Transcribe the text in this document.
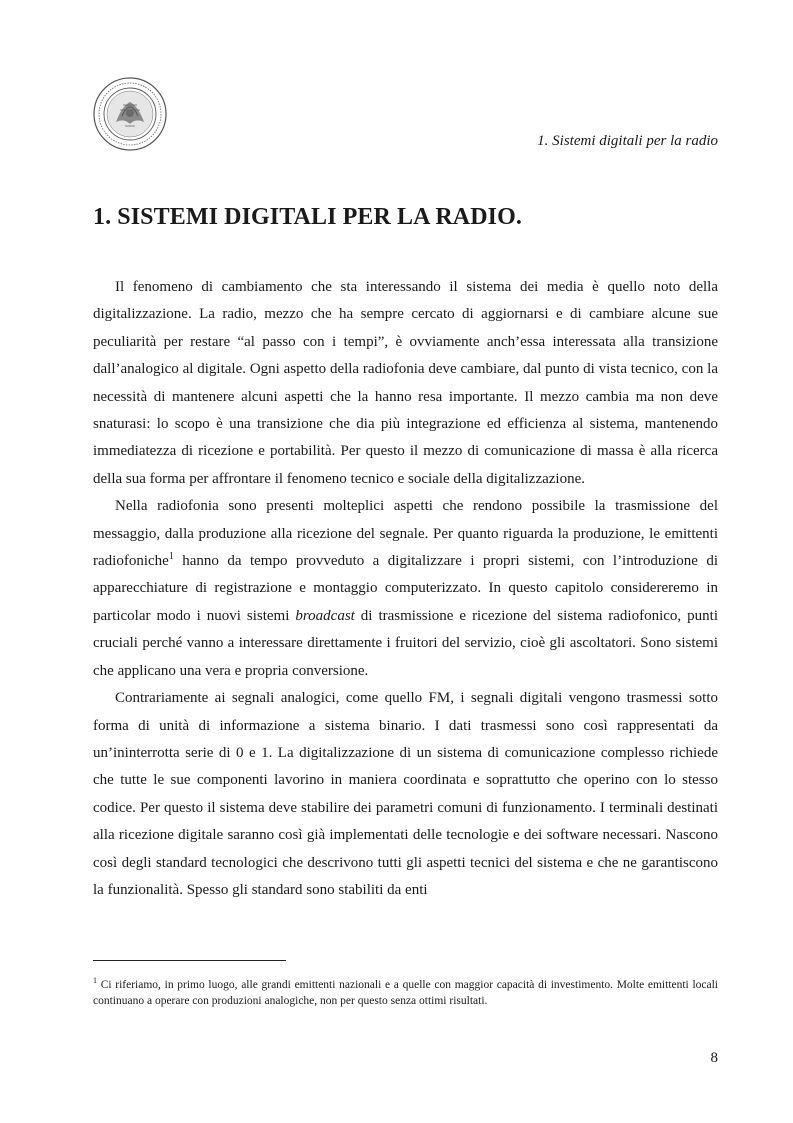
1. Sistemi digitali per la radio
1. SISTEMI DIGITALI PER LA RADIO.

Il fenomeno di cambiamento che sta interessando il sistema dei media è quello noto della digitalizzazione. La radio, mezzo che ha sempre cercato di aggiornarsi e di cambiare alcune sue peculiarità per restare “al passo con i tempi”, è ovviamente anch’essa interessata alla transizione dall’analogico al digitale. Ogni aspetto della radiofonia deve cambiare, dal punto di vista tecnico, con la necessità di mantenere alcuni aspetti che la hanno resa importante. Il mezzo cambia ma non deve snaturasi: lo scopo è una transizione che dia più integrazione ed efficienza al sistema, mantenendo immediatezza di ricezione e portabilità. Per questo il mezzo di comunicazione di massa è alla ricerca della sua forma per affrontare il fenomeno tecnico e sociale della digitalizzazione.

Nella radiofonia sono presenti molteplici aspetti che rendono possibile la trasmissione del messaggio, dalla produzione alla ricezione del segnale. Per quanto riguarda la produzione, le emittenti radiofoniche$^1$ hanno da tempo provveduto a digitalizzare i propri sistemi, con l’introduzione di apparecchiature di registrazione e montaggio computerizzato. In questo capitolo considereremo in particolar modo i nuovi sistemi broadcast di trasmissione e ricezione del sistema radiofonico, punti cruciali perché vanno a interessare direttamente i fruitori del servizio, cioè gli ascoltatori. Sono sistemi che applicano una vera e propria conversione.

Contrariamente ai segnali analogici, come quello FM, i segnali digitali vengono trasmessi sotto forma di unità di informazione a sistema binario. I dati trasmessi sono così rappresentati da un’ininterrotta serie di 0 e 1. La digitalizzazione di un sistema di comunicazione complesso richiede che tutte le sue componenti lavorino in maniera coordinata e soprattutto che operino con lo stesso codice. Per questo il sistema deve stabilire dei parametri comuni di funzionamento. I terminali destinati alla ricezione digitale saranno così già implementati delle tecnologie e dei software necessari. Nascono così degli standard tecnologici che descrivono tutti gli aspetti tecnici del sistema e che ne garantiscono la funzionalità. Spesso gli standard sono stabiliti da enti

$^1$ Ci riferiamo, in primo luogo, alle grandi emittenti nazionali e a quelle con maggior capacità di investimento. Molte emittenti locali continuano a operare con produzioni analogiche, non per questo senza ottimi risultati.
8
